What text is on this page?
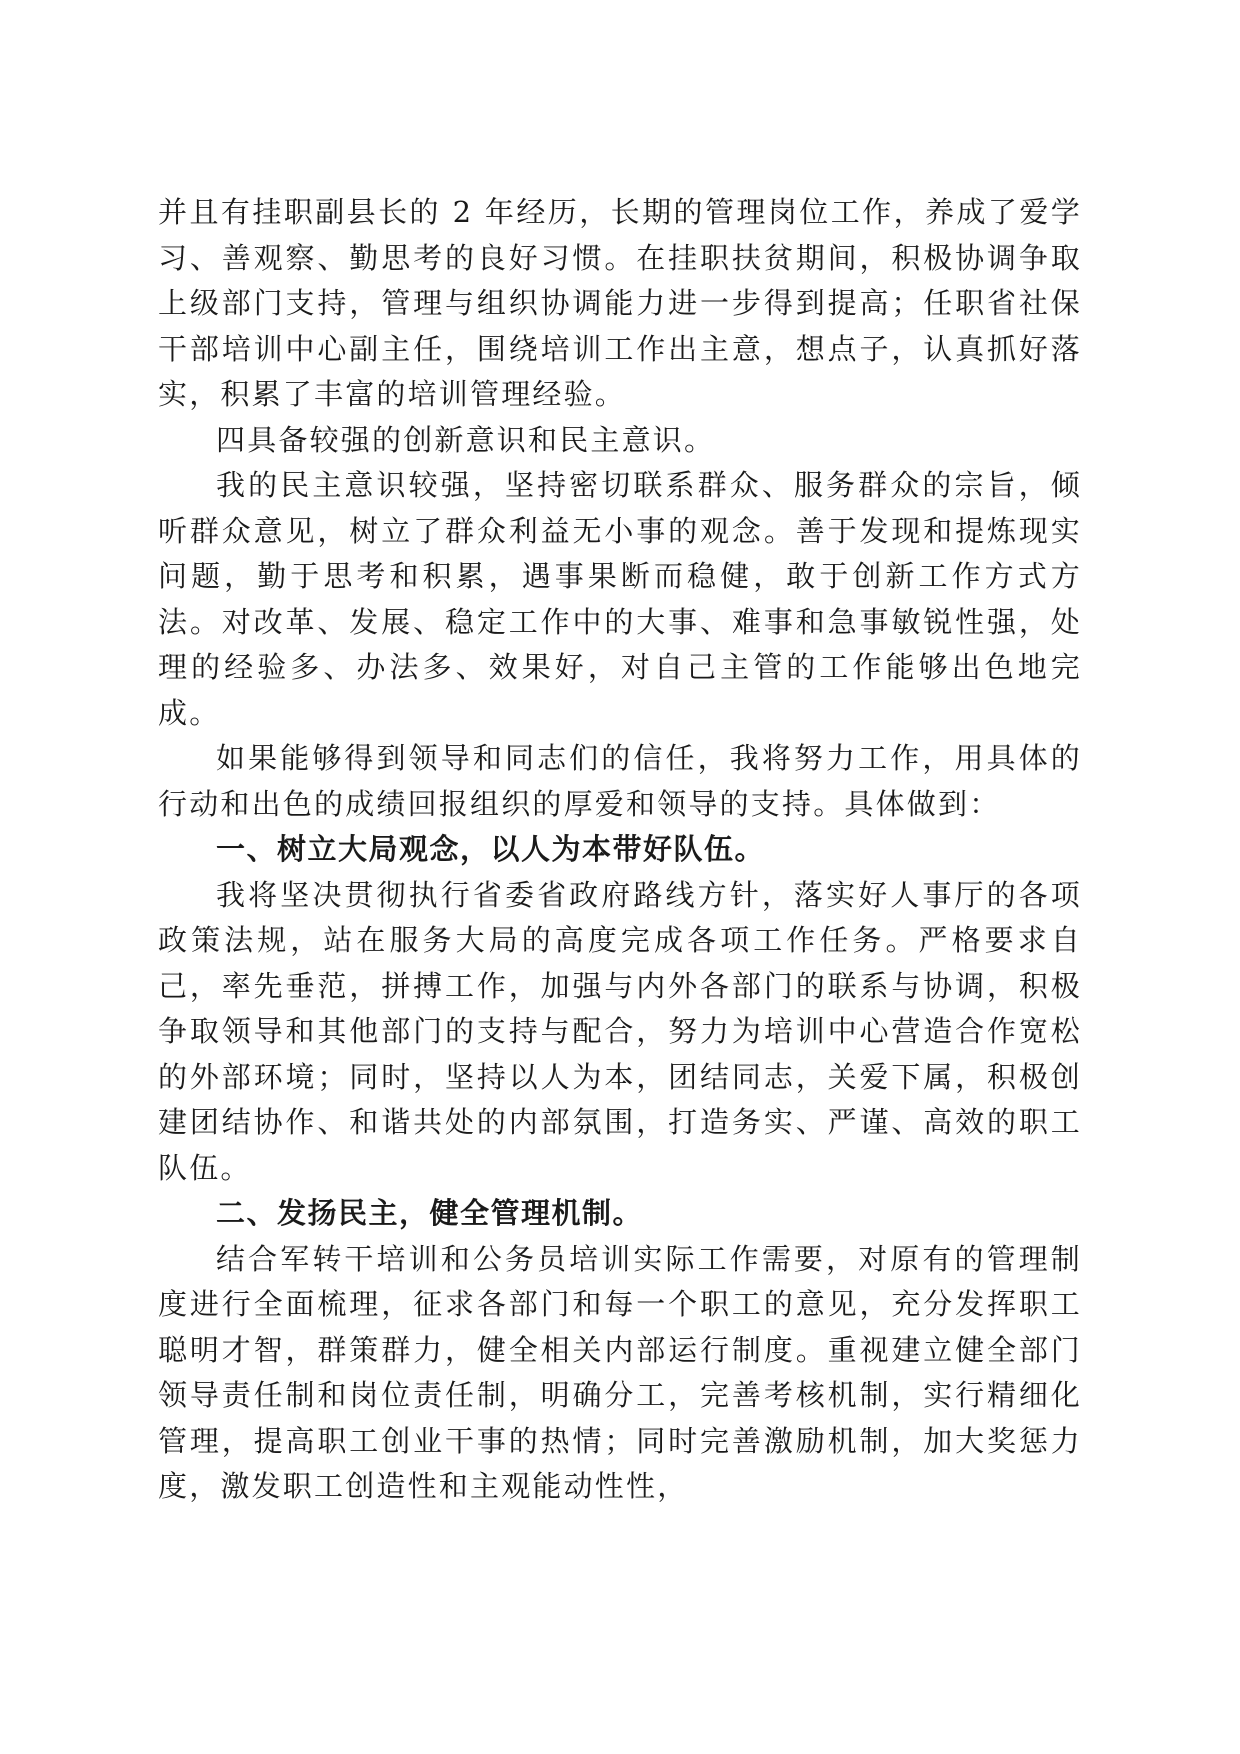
并且有挂职副县长的 2 年经历，长期的管理岗位工作，养成了爱学习、善观察、勤思考的良好习惯。在挂职扶贫期间，积极协调争取上级部门支持，管理与组织协调能力进一步得到提高；任职省社保干部培训中心副主任，围绕培训工作出主意，想点子，认真抓好落实，积累了丰富的培训管理经验。

四具备较强的创新意识和民主意识。

我的民主意识较强，坚持密切联系群众、服务群众的宗旨，倾听群众意见，树立了群众利益无小事的观念。善于发现和提炼现实问题，勤于思考和积累，遇事果断而稳健，敢于创新工作方式方法。对改革、发展、稳定工作中的大事、难事和急事敏锐性强，处理的经验多、办法多、效果好，对自己主管的工作能够出色地完成。

如果能够得到领导和同志们的信任，我将努力工作，用具体的行动和出色的成绩回报组织的厚爱和领导的支持。具体做到：

一、树立大局观念，以人为本带好队伍。

我将坚决贯彻执行省委省政府路线方针，落实好人事厅的各项政策法规，站在服务大局的高度完成各项工作任务。严格要求自己，率先垂范，拼搏工作，加强与内外各部门的联系与协调，积极争取领导和其他部门的支持与配合，努力为培训中心营造合作宽松的外部环境；同时，坚持以人为本，团结同志，关爱下属，积极创建团结协作、和谐共处的内部氛围，打造务实、严谨、高效的职工队伍。

二、发扬民主，健全管理机制。

结合军转干培训和公务员培训实际工作需要，对原有的管理制度进行全面梳理，征求各部门和每一个职工的意见，充分发挥职工聪明才智，群策群力，健全相关内部运行制度。重视建立健全部门领导责任制和岗位责任制，明确分工，完善考核机制，实行精细化管理，提高职工创业干事的热情；同时完善激励机制，加大奖惩力度，激发职工创造性和主观能动性性，
